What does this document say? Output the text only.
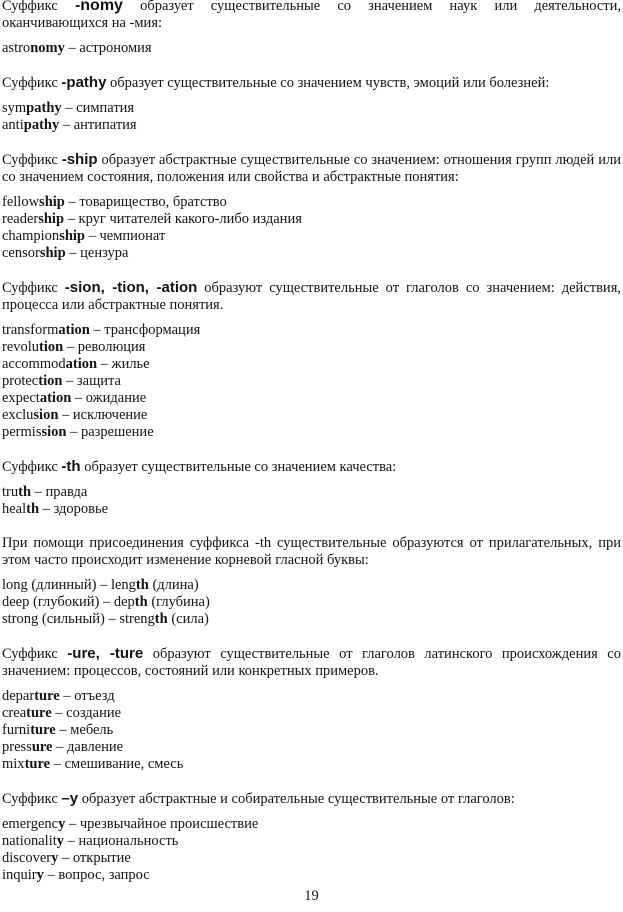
Суффикс -nomy образует существительные со значением наук или деятельности, оканчивающихся на -мия:

astronomy – астрономия

Суффикс -pathy образует существительные со значением чувств, эмоций или болезней:

sympathy – симпатия
antipathy – антипатия

Суффикс -ship образует абстрактные существительные со значением: отношения групп людей или со значением состояния, положения или свойства и абстрактные понятия:

fellowship – товарищество, братство
readership – круг читателей какого-либо издания
championship – чемпионат
censorship – цензура

Суффикс -sion, -tion, -ation образуют существительные от глаголов со значением: действия, процесса или абстрактные понятия.

transformation – трансформация
revolution – революция
accommodation – жилье
protection – защита
expectation – ожидание
exclusion – исключение
permission – разрешение

Суффикс -th образует существительные со значением качества:

truth – правда
health – здоровье

При помощи присоединения суффикса -th существительные образуются от прилагательных, при этом часто происходит изменение корневой гласной буквы:

long (длинный) – length (длина)
deep (глубокий) – depth (глубина)
strong (сильный) – strength (сила)

Суффикс -ure, -ture образуют существительные от глаголов латинского происхождения со значением: процессов, состояний или конкретных примеров.

departure – отъезд
creature – создание
furniture – мебель
pressure – давление
mixture – смешивание, смесь

Суффикс –y образует абстрактные и собирательные существительные от глаголов:

emergency – чрезвычайное происшествие
nationality – национальность
discovery – открытие
inquiry – вопрос, запрос
19
